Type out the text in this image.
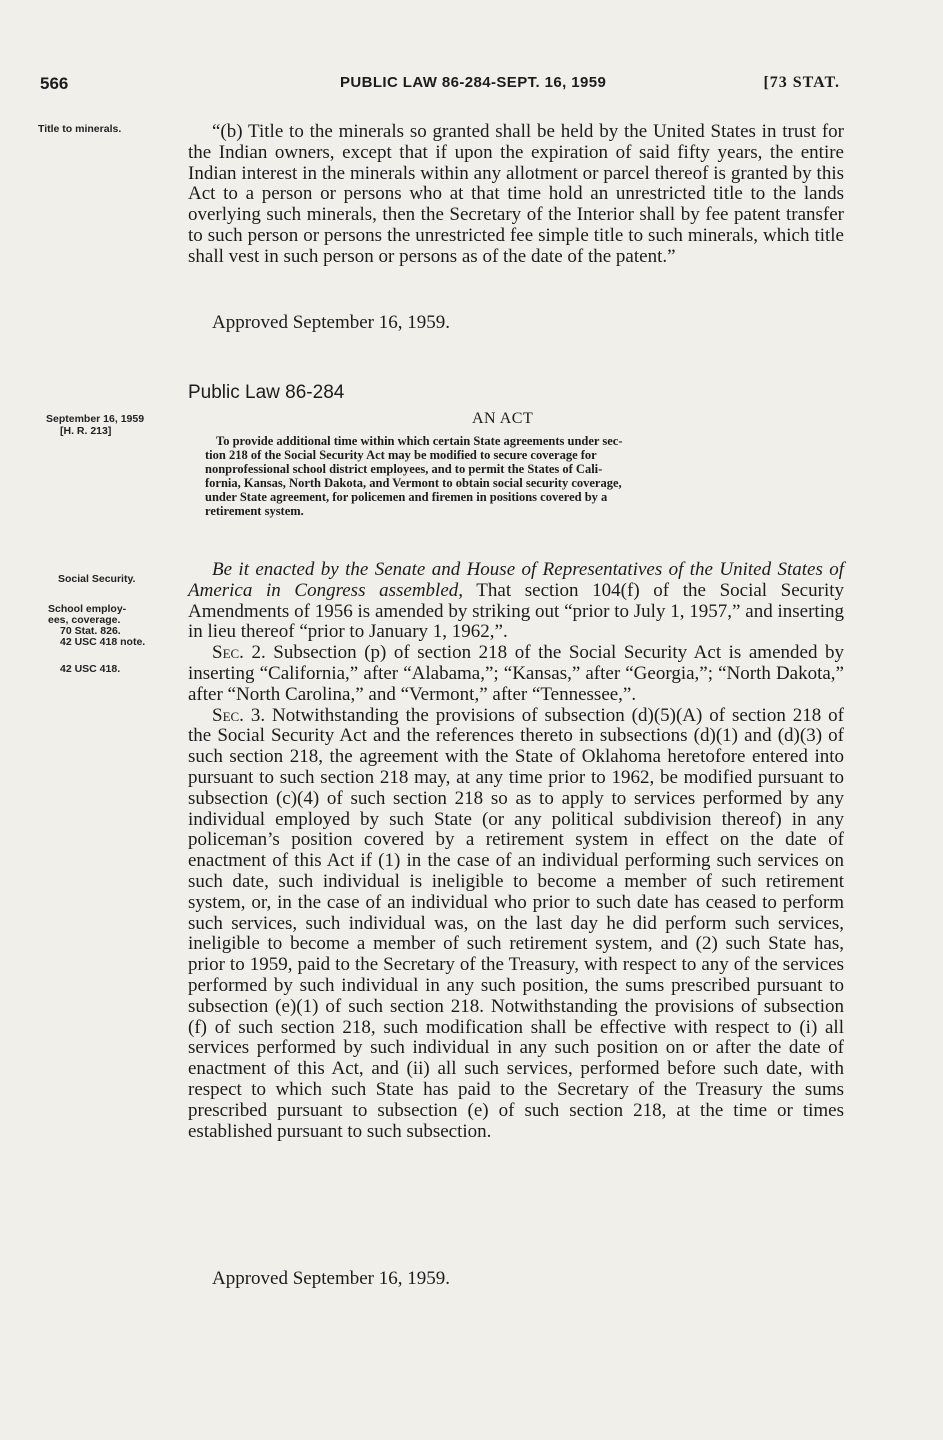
566	PUBLIC LAW 86-284-SEPT. 16, 1959	[73 STAT.
Title to minerals.
September 16, 1959
[H. R. 213]
Social Security.
School employ-
ees, coverage.
70 Stat. 826.
42 USC 418 note.
42 USC 418.

“(b) Title to the minerals so granted shall be held by the United States in trust for the Indian owners, except that if upon the expiration of said fifty years, the entire Indian interest in the minerals within any allotment or parcel thereof is granted by this Act to a person or persons who at that time hold an unrestricted title to the lands overlying such minerals, then the Secretary of the Interior shall by fee patent transfer to such person or persons the unrestricted fee simple title to such minerals, which title shall vest in such person or persons as of the date of the patent.”

Approved September 16, 1959.
Public Law 86-284
AN ACT
To provide additional time within which certain State agreements under sec-
tion 218 of the Social Security Act may be modified to secure coverage for
nonprofessional school district employees, and to permit the States of Cali-
fornia, Kansas, North Dakota, and Vermont to obtain social security coverage,
under State agreement, for policemen and firemen in positions covered by a
retirement system.

Be it enacted by the Senate and House of Representatives of the United States of America in Congress assembled, That section 104(f) of the Social Security Amendments of 1956 is amended by striking out “prior to July 1, 1957,” and inserting in lieu thereof “prior to January 1, 1962,”.

Sec. 2. Subsection (p) of section 218 of the Social Security Act is amended by inserting “California,” after “Alabama,”; “Kansas,” after “Georgia,”; “North Dakota,” after “North Carolina,” and “Vermont,” after “Tennessee,”.

Sec. 3. Notwithstanding the provisions of subsection (d)(5)(A) of section 218 of the Social Security Act and the references thereto in subsections (d)(1) and (d)(3) of such section 218, the agreement with the State of Oklahoma heretofore entered into pursuant to such section 218 may, at any time prior to 1962, be modified pursuant to subsection (c)(4) of such section 218 so as to apply to services performed by any individual employed by such State (or any political subdivision thereof) in any policeman’s position covered by a retirement system in effect on the date of enactment of this Act if (1) in the case of an individual performing such services on such date, such individual is ineligible to become a member of such retirement system, or, in the case of an individual who prior to such date has ceased to perform such services, such individual was, on the last day he did perform such services, ineligible to become a member of such retirement system, and (2) such State has, prior to 1959, paid to the Secretary of the Treasury, with respect to any of the services performed by such individual in any such position, the sums prescribed pursuant to subsection (e)(1) of such section 218. Notwithstanding the provisions of subsection (f) of such section 218, such modification shall be effective with respect to (i) all services performed by such individual in any such position on or after the date of enactment of this Act, and (ii) all such services, performed before such date, with respect to which such State has paid to the Secretary of the Treasury the sums prescribed pursuant to subsection (e) of such section 218, at the time or times established pursuant to such subsection.

Approved September 16, 1959.
